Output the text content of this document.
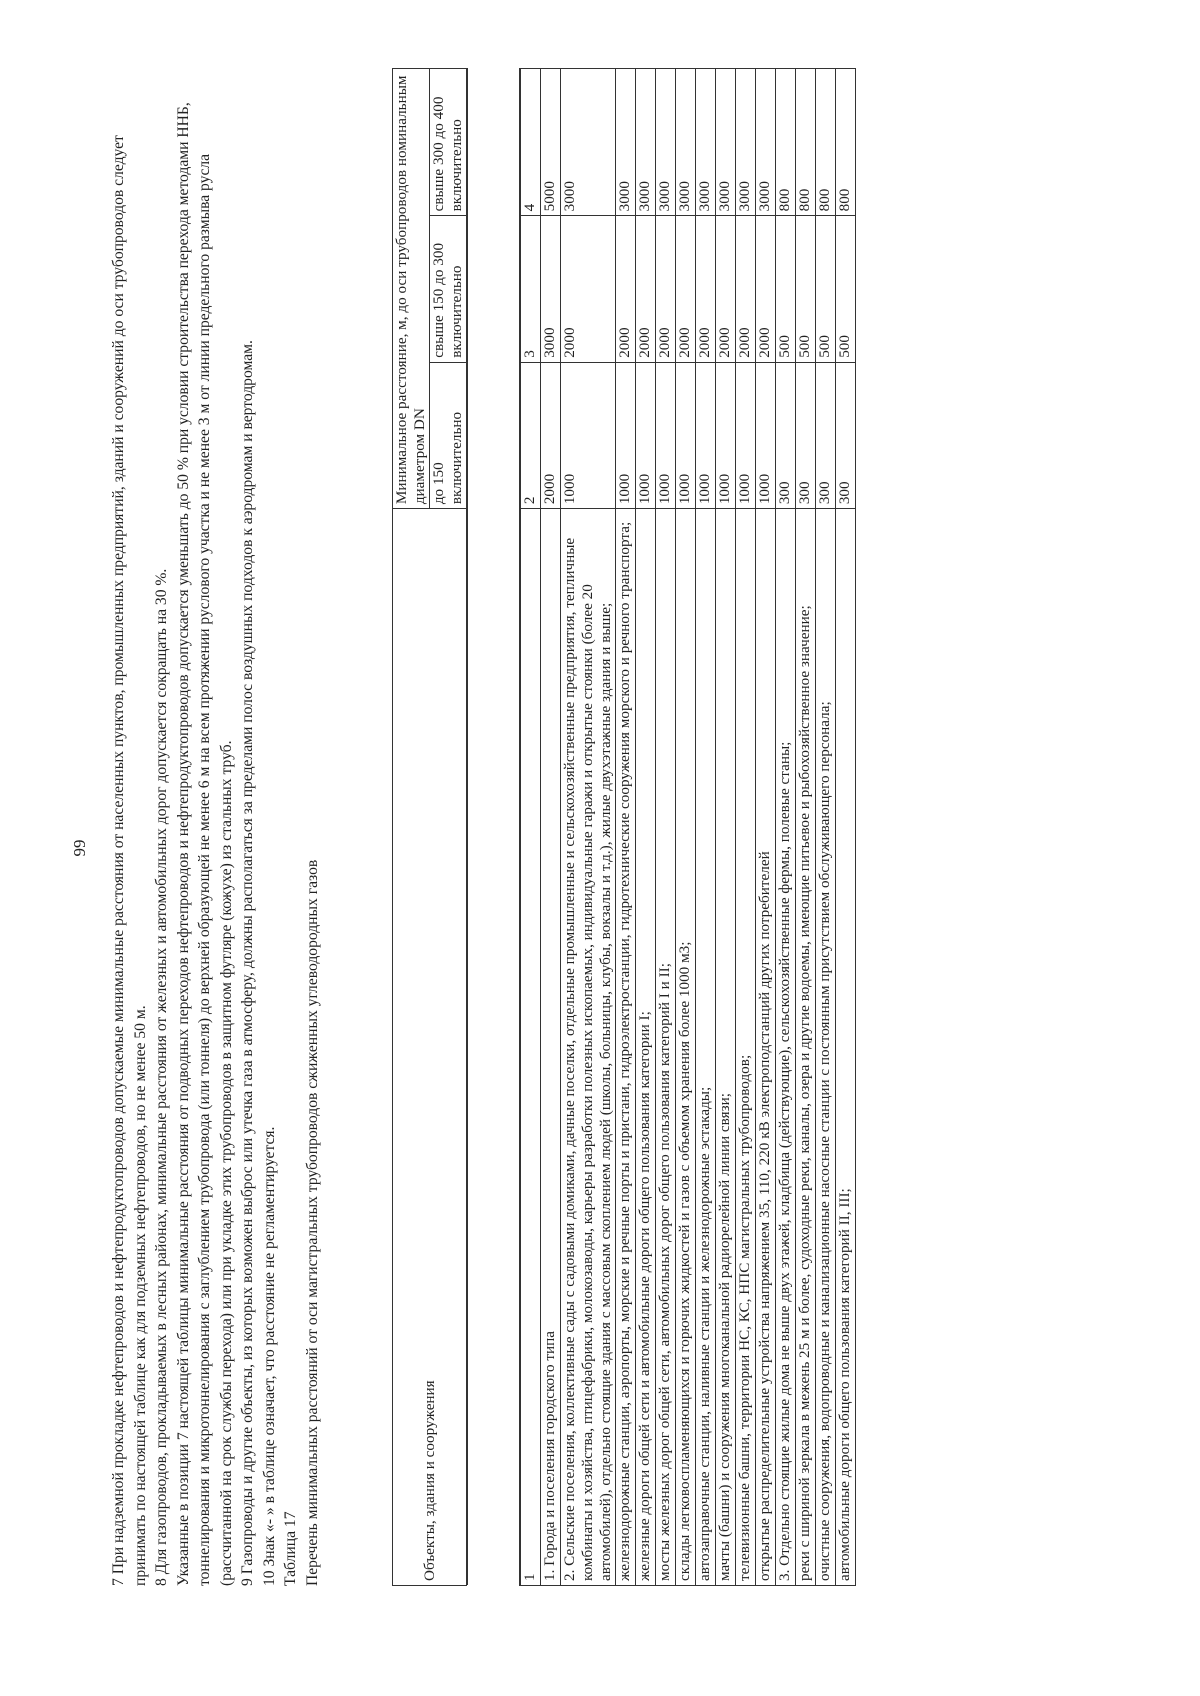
99 7 При надземной прокладке нефтепроводов и нефтепродуктопроводов допускаемые минимальные расстояния от населенных пунктов, промышленных предприятий, зданий и сооружений до оси трубопроводов следует принимать по настоящей таблице как для подземных нефтепроводов, но не менее 50 м. 8 Для газопроводов, прокладываемых в лесных районах, минимальные расстояния от железных и автомобильных дорог допускается сокращать на 30 %. Указанные в позиции 7 настоящей таблицы минимальные расстояния от подводных переходов нефтепроводов и нефтепродуктопроводов допускается уменьшать до 50 % при условии строительства перехода методами ННБ, тоннелирования и микротоннелирования с заглублением трубопровода (или тоннеля) до верхней образующей не менее 6 м на всем протяжении руслового участка и не менее 3 м от линии предельного размыва русла (рассчитанной на срок службы перехода) или при укладке этих трубопроводов в защитном футляре (кожухе) из стальных труб. 9 Газопроводы и другие объекты, из которых возможен выброс или утечка газа в атмосферу, должны располагаться за пределами полос воздушных подходов к аэродромам и вертодромам. 10 Знак «- » в таблице означает, что расстояние не регламентируется. Таблица 17 Перечень минимальных расстояний от оси магистральных трубопроводов сжиженных углеводородных газов	Объекты, здания и сооружения	Минимальное расстояние, м, до оси трубопроводов номинальным диаметром DN		
	до 150 включительно	свыше 150 до 300 включительно	свыше 300 до 400 включительно

1	2	3	4
1. Города и поселения городского типа	2000	3000	5000
2. Сельские поселения, коллективные сады с садовыми домиками, дачные поселки, отдельные промышленные и сельскохозяйственные предприятия, тепличные комбинаты и хозяйства, птицефабрики, молокозаводы, карьеры разработки полезных ископаемых, индивидуальные гаражи и открытые стоянки (более 20 автомобилей), отдельно стоящие здания с массовым скоплением людей (школы, больницы, клубы, вокзалы и т.д.), жилые двухэтажные здания и выше;	1000	2000	3000
железнодорожные станции, аэропорты, морские и речные порты и пристани, гидроэлектростанции, гидротехнические сооружения морского и речного транспорта;	1000	2000	3000
железные дороги общей сети и автомобильные дороги общего пользования категории I;	1000	2000	3000
мосты железных дорог общей сети, автомобильных дорог общего пользования категорий I и II;	1000	2000	3000
склады легковоспламеняющихся и горючих жидкостей и газов с объемом хранения более 1000 м3;	1000	2000	3000
автозаправочные станции, наливные станции и железнодорожные эстакады;	1000	2000	3000
мачты (башни) и сооружения многоканальной радиорелейной линии связи;	1000	2000	3000
телевизионные башни, территории НС, КС, НПС магистральных трубопроводов;	1000	2000	3000
открытые распределительные устройства напряжением 35, 110, 220 кВ электроподстанций других потребителей	1000	2000	3000
3. Отдельно стоящие жилые дома не выше двух этажей, кладбища (действующие), сельскохозяйственные фермы, полевые станы;	300	500	800
реки с шириной зеркала в межень 25 м и более, судоходные реки, каналы, озера и другие водоемы, имеющие питьевое и рыбохозяйственное значение;	300	500	800
очистные сооружения, водопроводные и канализационные насосные станции с постоянным присутствием обслуживающего персонала;	300	500	800
автомобильные дороги общего пользования категорий II, III;	300	500	800
